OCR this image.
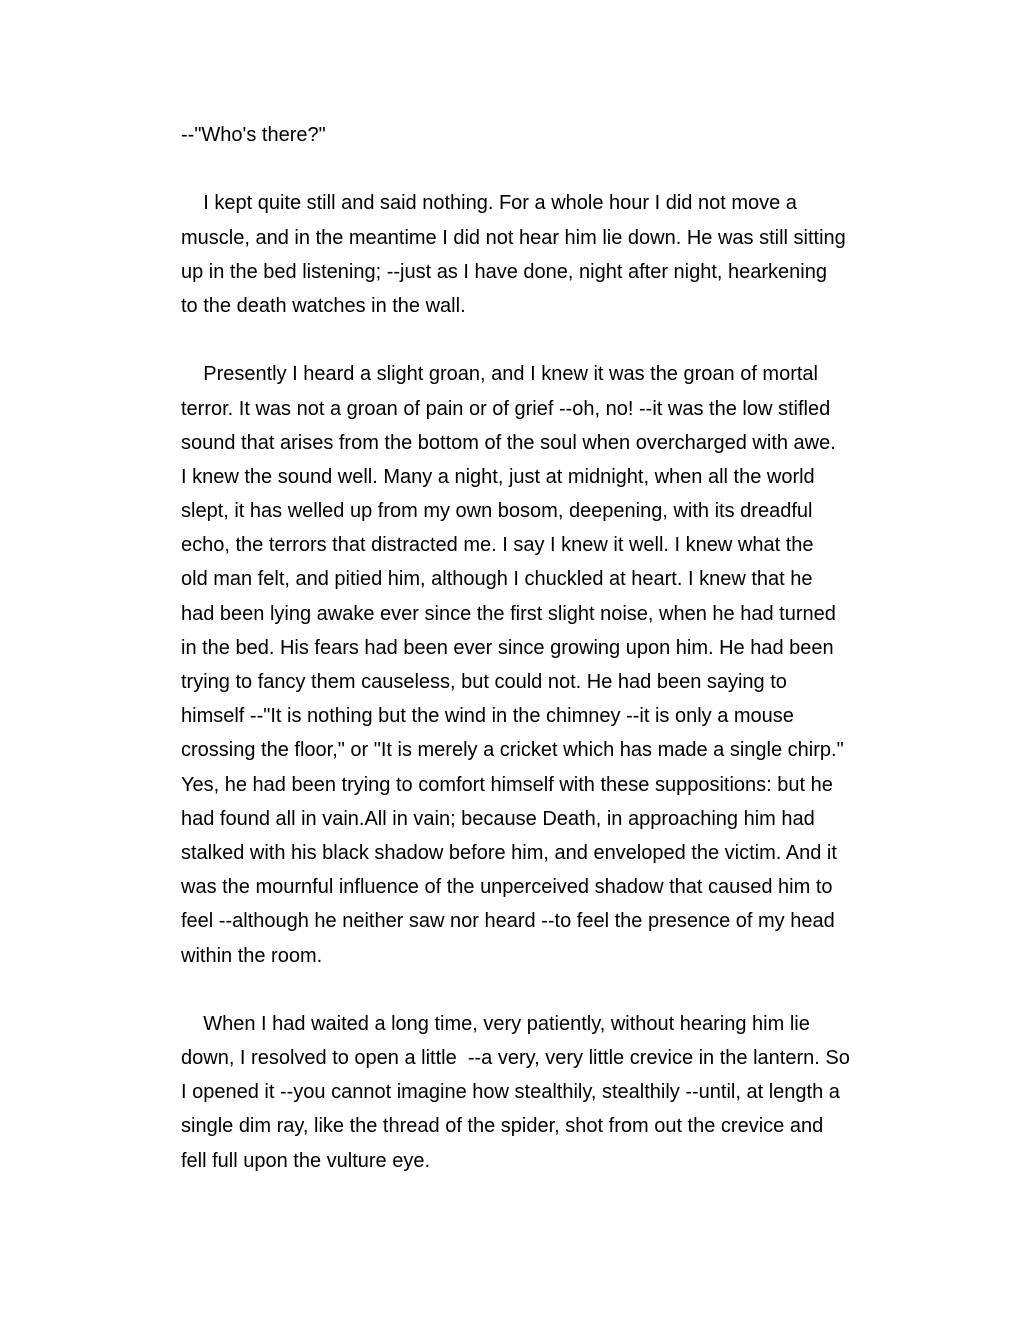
--"Who's there?"
I kept quite still and said nothing. For a whole hour I did not move a
muscle, and in the meantime I did not hear him lie down. He was still sitting
up in the bed listening; --just as I have done, night after night, hearkening
to the death watches in the wall.
Presently I heard a slight groan, and I knew it was the groan of mortal
terror. It was not a groan of pain or of grief --oh, no! --it was the low stifled
sound that arises from the bottom of the soul when overcharged with awe.
I knew the sound well. Many a night, just at midnight, when all the world
slept, it has welled up from my own bosom, deepening, with its dreadful
echo, the terrors that distracted me. I say I knew it well. I knew what the
old man felt, and pitied him, although I chuckled at heart. I knew that he
had been lying awake ever since the first slight noise, when he had turned
in the bed. His fears had been ever since growing upon him. He had been
trying to fancy them causeless, but could not. He had been saying to
himself --"It is nothing but the wind in the chimney --it is only a mouse
crossing the floor," or "It is merely a cricket which has made a single chirp."
Yes, he had been trying to comfort himself with these suppositions: but he
had found all in vain.All in vain; because Death, in approaching him had
stalked with his black shadow before him, and enveloped the victim. And it
was the mournful influence of the unperceived shadow that caused him to
feel --although he neither saw nor heard --to feel the presence of my head
within the room.
When I had waited a long time, very patiently, without hearing him lie
down, I resolved to open a little  --a very, very little crevice in the lantern. So
I opened it --you cannot imagine how stealthily, stealthily --until, at length a
single dim ray, like the thread of the spider, shot from out the crevice and
fell full upon the vulture eye.
